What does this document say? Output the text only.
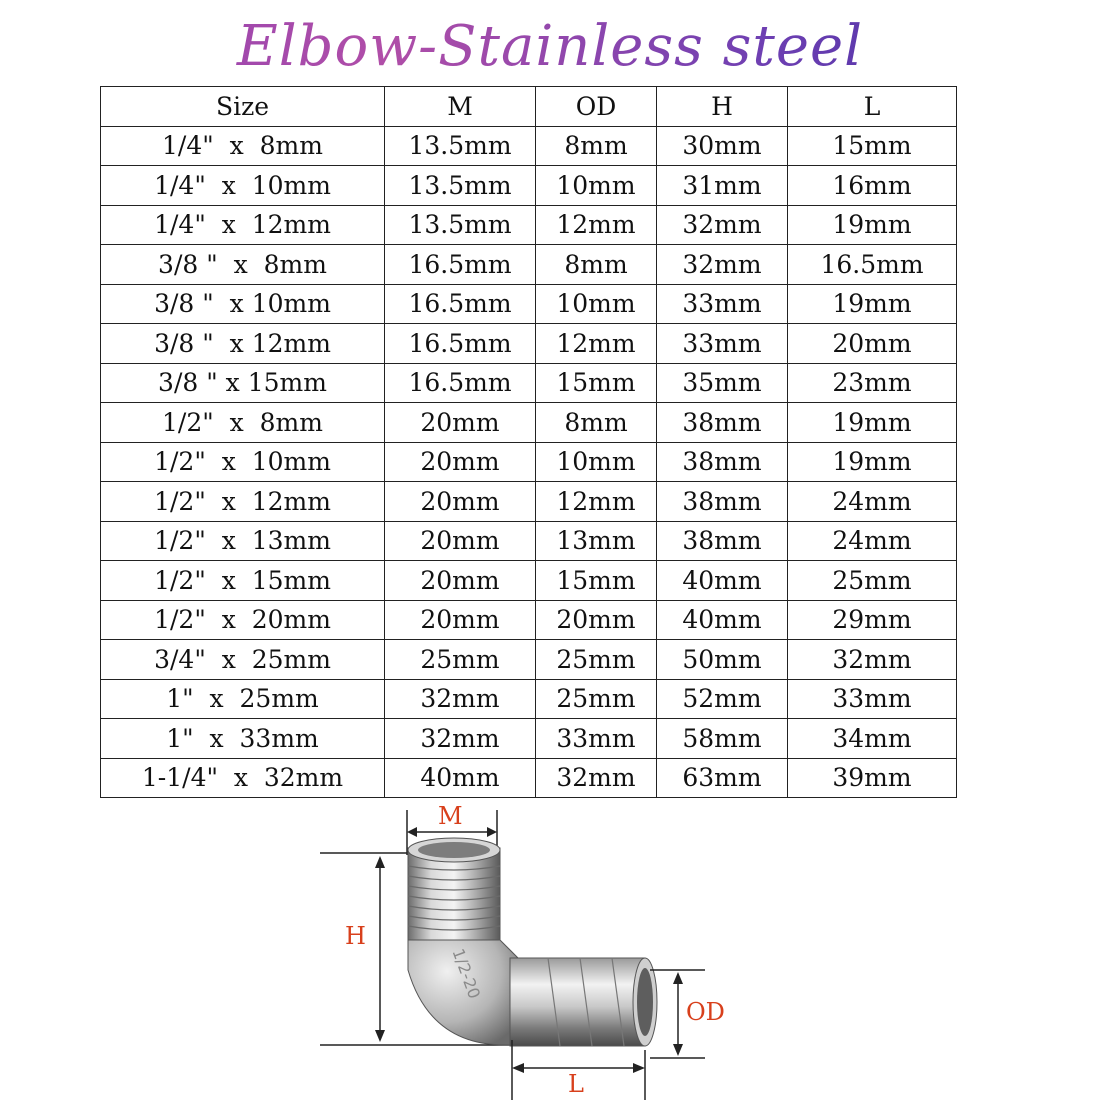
Elbow-Stainless steel
Size	M	OD	H	L
1/4"  x  8mm	13.5mm	8mm	30mm	15mm
1/4"  x  10mm	13.5mm	10mm	31mm	16mm
1/4"  x  12mm	13.5mm	12mm	32mm	19mm
3/8 "  x  8mm	16.5mm	8mm	32mm	16.5mm
3/8 "  x 10mm	16.5mm	10mm	33mm	19mm
3/8 "  x 12mm	16.5mm	12mm	33mm	20mm
3/8 " x 15mm	16.5mm	15mm	35mm	23mm
1/2"  x  8mm	20mm	8mm	38mm	19mm
1/2"  x  10mm	20mm	10mm	38mm	19mm
1/2"  x  12mm	20mm	12mm	38mm	24mm
1/2"  x  13mm	20mm	13mm	38mm	24mm
1/2"  x  15mm	20mm	15mm	40mm	25mm
1/2"  x  20mm	20mm	20mm	40mm	29mm
3/4"  x  25mm	25mm	25mm	50mm	32mm
1"  x  25mm	32mm	25mm	52mm	33mm
1"  x  33mm	32mm	33mm	58mm	34mm
1-1/4"  x  32mm	40mm	32mm	63mm	39mm
1/2-20
M
H
OD
L
